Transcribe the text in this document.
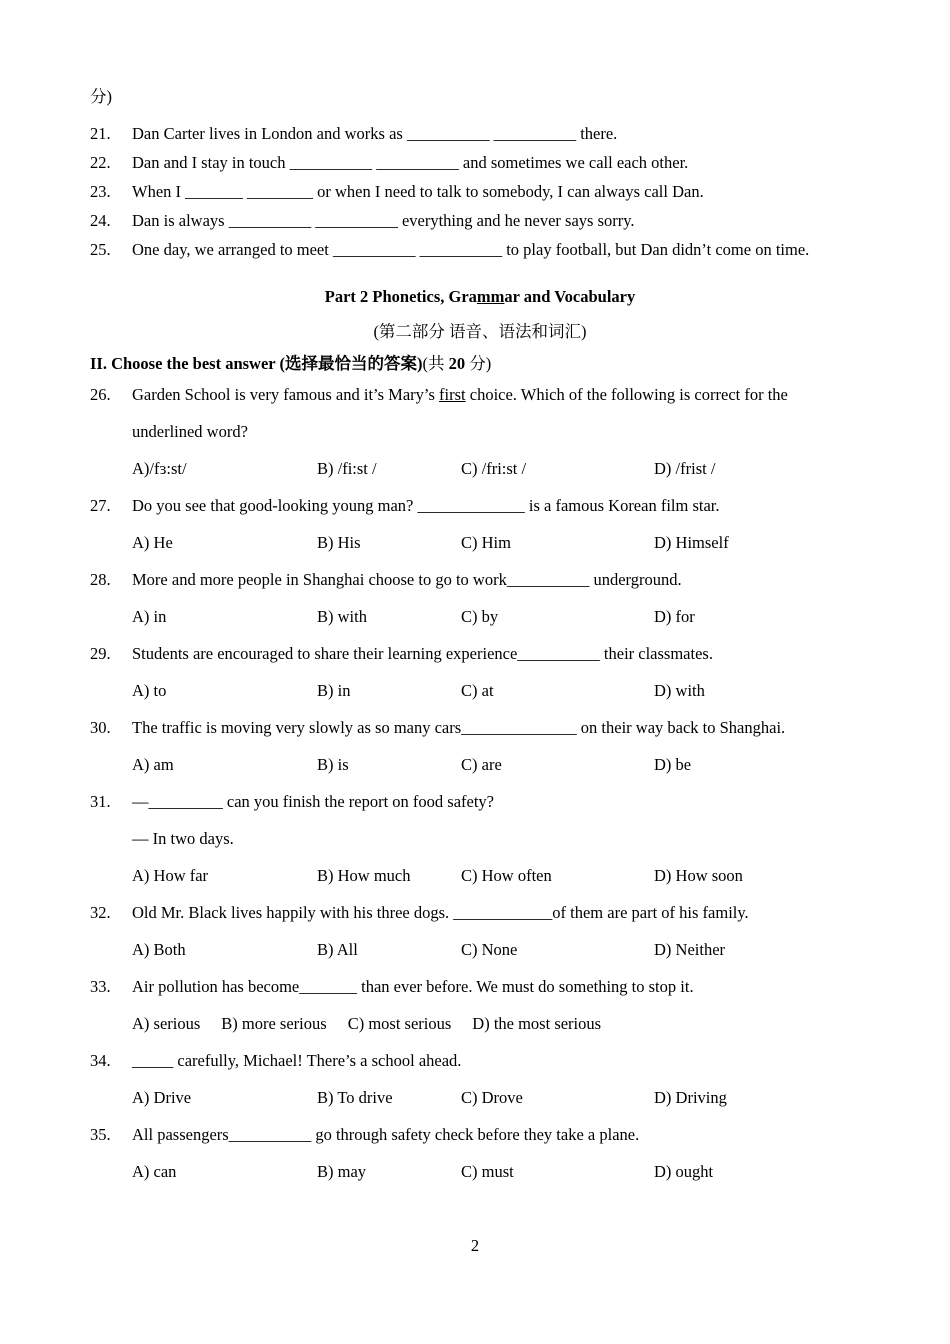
分)
21. Dan Carter lives in London and works as __________ __________ there.
22. Dan and I stay in touch __________ __________ and sometimes we call each other.
23. When I _______ ________ or when I need to talk to somebody, I can always call Dan.
24. Dan is always __________ __________ everything and he never says sorry.
25. One day, we arranged to meet __________ __________ to play football, but Dan didn’t come on time.
Part 2 Phonetics, Grammar and Vocabulary
(第二部分 语音、语法和词汇)
II. Choose the best answer (选择最恰当的答案)(共 20 分)
26. Garden School is very famous and it’s Mary’s first choice. Which of the following is correct for the
underlined word?
A)/fɜ:st/	B) /fi:st /	C) /fri:st /	D) /frist /
27. Do you see that good-looking young man? _____________ is a famous Korean film star.
A) He	B) His	C) Him	D) Himself
28. More and more people in Shanghai choose to go to work__________ underground.
A) in	B) with	C) by	D) for
29. Students are encouraged to share their learning experience__________ their classmates.
A) to	B) in	C) at	D) with
30. The traffic is moving very slowly as so many cars______________ on their way back to Shanghai.
A) am	B) is	C) are	D) be
31. —_________ can you finish the report on food safety?
— In two days.
A) How far	B) How much	C) How often	D) How soon
32. Old Mr. Black lives happily with his three dogs. ____________of them are part of his family.
A) Both	B) All	C) None	D) Neither
33. Air pollution has become_______ than ever before. We must do something to stop it.
A) serious B) more serious C) most serious D) the most serious
34. _____ carefully, Michael! There’s a school ahead.
A) Drive	B) To drive	C) Drove	D) Driving
35. All passengers__________ go through safety check before they take a plane.
A) can	B) may	C) must	D) ought
2
